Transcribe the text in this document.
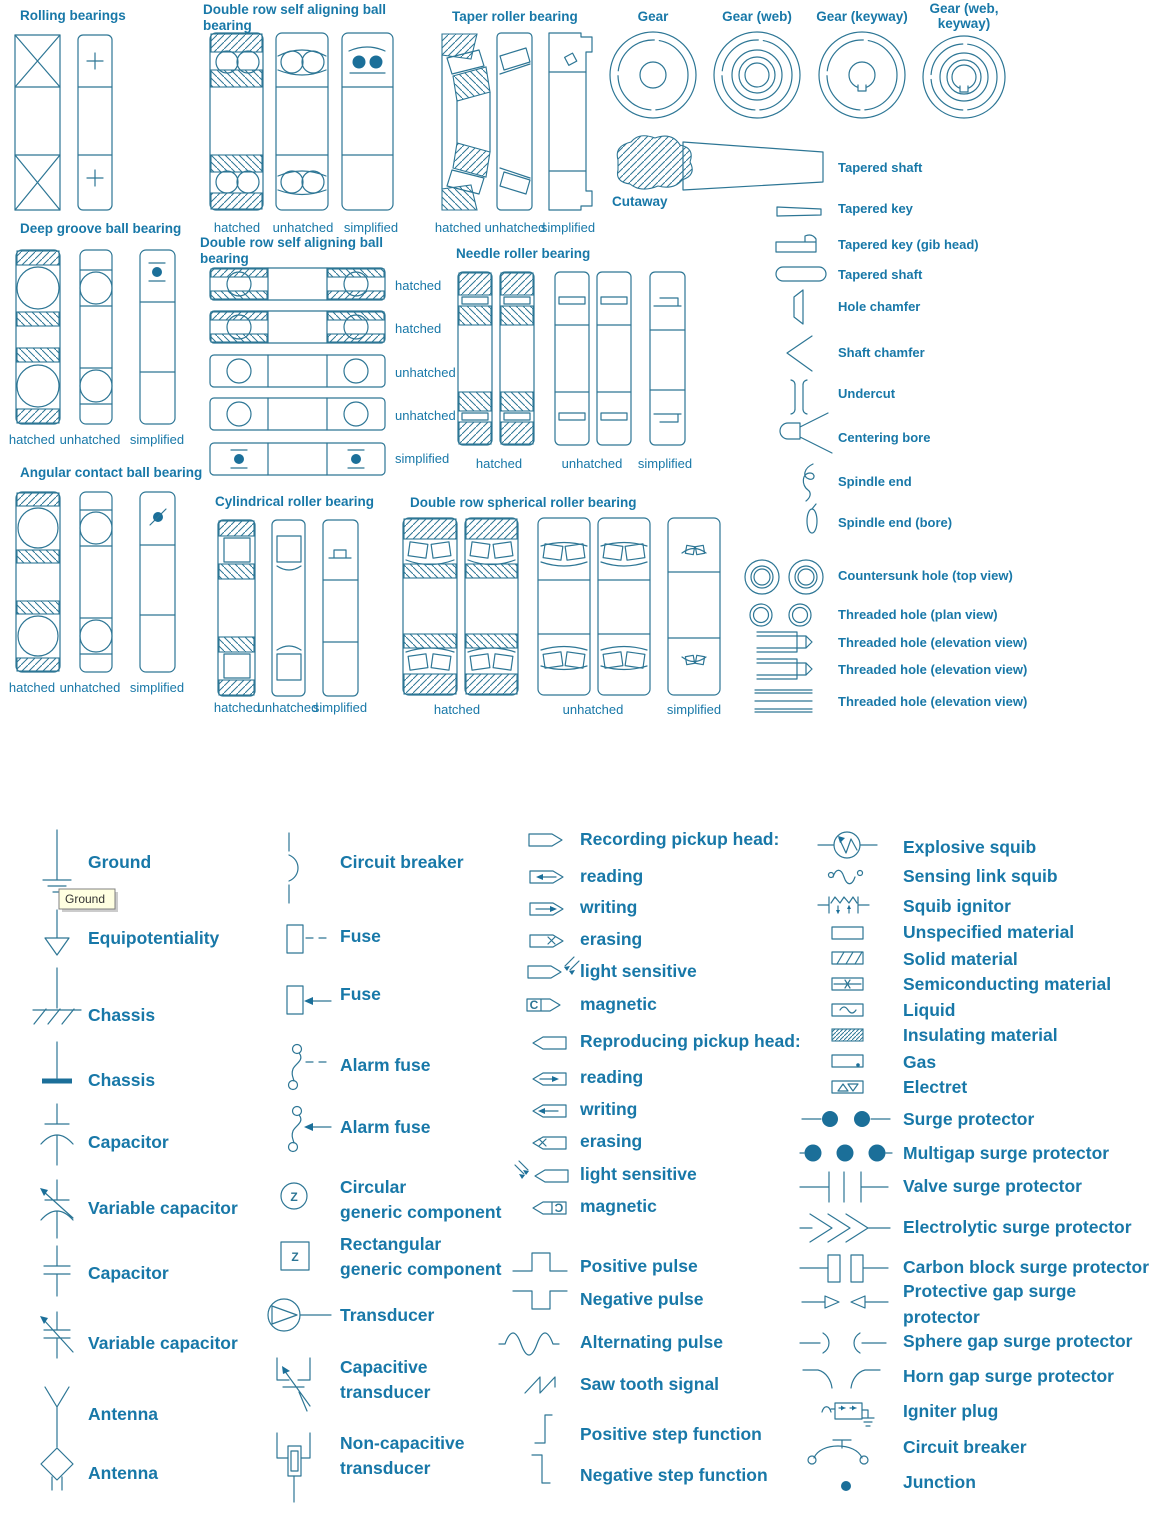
Rolling bearings	Double row self aligning ball
bearing
hatched unhatched simplified
Taper roller bearing
hatched unhatched
simplified
Gear	Gear (web) Gear (keyway)
Gear (web,
keyway)
Cutaway
Tapered shaft
Tapered key
Tapered key (gib head)
Tapered shaft
Hole chamfer
Shaft chamfer
Undercut
Centering bore
Spindle end
Spindle end (bore)
Countersunk hole (top view)
Threaded hole (plan view)
Threaded hole (elevation view)
Threaded hole (elevation view)
Threaded hole (elevation view)
Deep groove ball bearing
hatched unhatched simplified
Double row self aligning ball
bearing
hatched
hatched
unhatched
unhatched
simplified
Needle roller bearing
hatched	unhatched simplified
Angular contact ball bearing
hatched unhatched simplified
Cylindrical roller bearing
hatched
unhatched
simplified
Double row spherical roller bearing
hatched	unhatched	simplified
Ground
Equipotentiality
Chassis
Chassis
Capacitor
Variable capacitor
Capacitor
Variable capacitor
Antenna
Antenna
Ground
Z
Z
Circuit breaker
Fuse
Fuse
Alarm fuse
Alarm fuse
Circular
generic component
Rectangular
generic component
Transducer
Capacitive
transducer
Non-capacitive
transducer
C
Ɔ
Recording pickup head:
reading
writing
erasing
light sensitive
magnetic
Reproducing pickup head:
reading
writing
erasing
light sensitive
magnetic
Positive pulse
Negative pulse
Alternating pulse
Saw tooth signal
Positive step function
Negative step function
Explosive squib
Sensing link squib
Squib ignitor
Unspecified material
Solid material
Semiconducting material
Liquid
Insulating material
Gas
Electret
Surge protector
Multigap surge protector
Valve surge protector
Electrolytic surge protector
Carbon block surge protector
Protective gap surge
protector
Sphere gap surge protector
Horn gap surge protector
Igniter plug
Circuit breaker
Junction
